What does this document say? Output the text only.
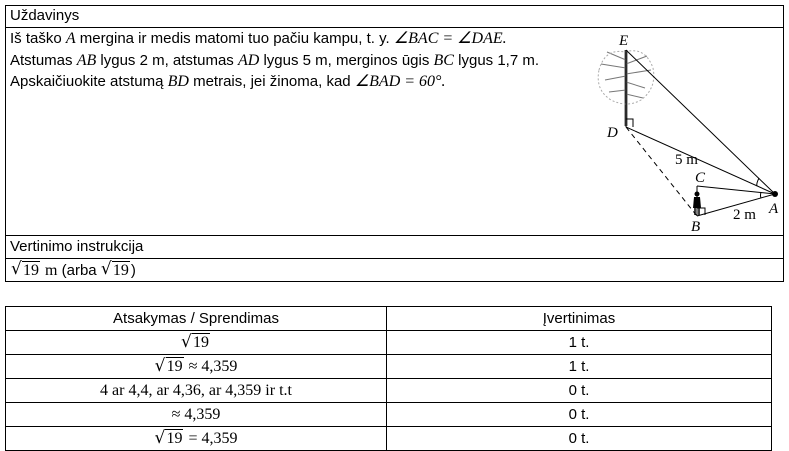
Uždavinys
Iš taško A mergina ir medis matomi tuo pačiu kampu, t. y. ∠BAC = ∠DAE.
Atstumas AB lygus 2 m, atstumas AD lygus 5 m, merginos ūgis BC lygus 1,7 m.
Apskaičiuokite atstumą BD metrais, jei žinoma, kad ∠BAD = 60°.
E
D
C
A
B
5 m
2 m
Vertinimo instrukcija
√ 19 m (arba √ 19 )
Atsakymas / Sprendimas	Įvertinimas
√ 19	1 t.
√ 19 ≈ 4,359	1 t.
4 ar 4,4, ar 4,36, ar 4,359 ir t.t	0 t.
≈ 4,359	0 t.
√ 19 = 4,359	0 t.
